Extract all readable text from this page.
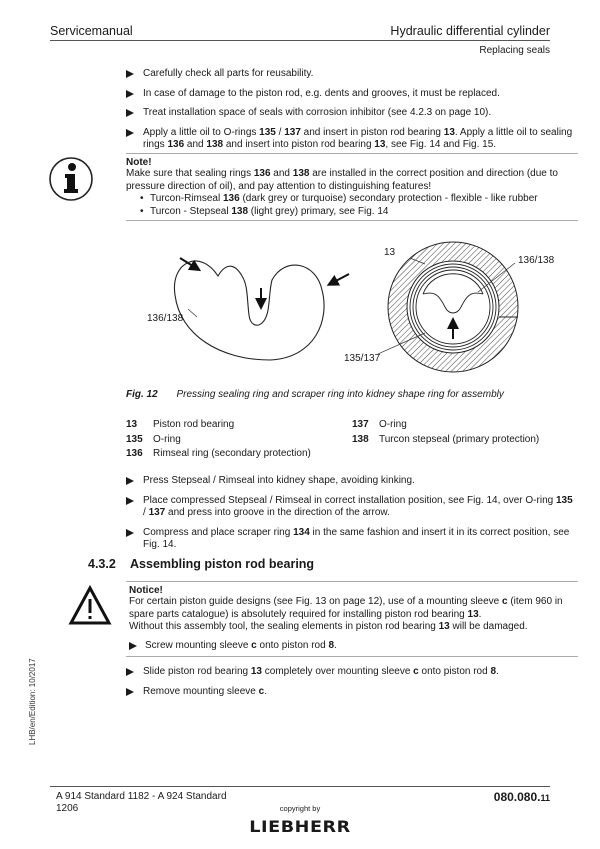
Servicemanual	Hydraulic differential cylinder
Replacing seals
Carefully check all parts for reusability.
In case of damage to the piston rod, e.g. dents and grooves, it must be replaced.
Treat installation space of seals with corrosion inhibitor (see 4.2.3 on page 10).
Apply a little oil to O-rings 135 / 137 and insert in piston rod bearing 13. Apply a little oil to sealing rings 136 and 138 and insert into piston rod bearing 13, see Fig. 14 and Fig. 15.
Note!
Make sure that sealing rings 136 and 138 are installed in the correct position and direction (due to pressure direction of oil), and pay attention to distinguishing features!
• Turcon-Rimseal 136 (dark grey or turquoise) secondary protection - flexible - like rubber
• Turcon - Stepseal 138 (light grey) primary, see Fig. 14
136/138
13
136/138
135/137
Fig. 12 Pressing sealing ring and scraper ring into kidney shape ring for assembly
13	Piston rod bearing
135	O-ring
136	Rimseal ring (secondary protection)
137	O-ring
138	Turcon stepseal (primary protection)
Press Stepseal / Rimseal into kidney shape, avoiding kinking.
Place compressed Stepseal / Rimseal in correct installation position, see Fig. 14, over O-ring 135 / 137 and press into groove in the direction of the arrow.
Compress and place scraper ring 134 in the same fashion and insert it in its correct position, see Fig. 14.
4.3.2 Assembling piston rod bearing
Notice!
For certain piston guide designs (see Fig. 13 on page 12), use of a mounting sleeve c (item 960 in spare parts catalogue) is absolutely required for installing piston rod bearing 13.
Without this assembly tool, the sealing elements in piston rod bearing 13 will be damaged.
Screw mounting sleeve c onto piston rod 8.
Slide piston rod bearing 13 completely over mounting sleeve c onto piston rod 8.
Remove mounting sleeve c.
LHB/en/Edition: 10/2017
A 914 Standard 1182 - A 924 Standard
1206
080.080.11
copyright by
LIEBHERR
